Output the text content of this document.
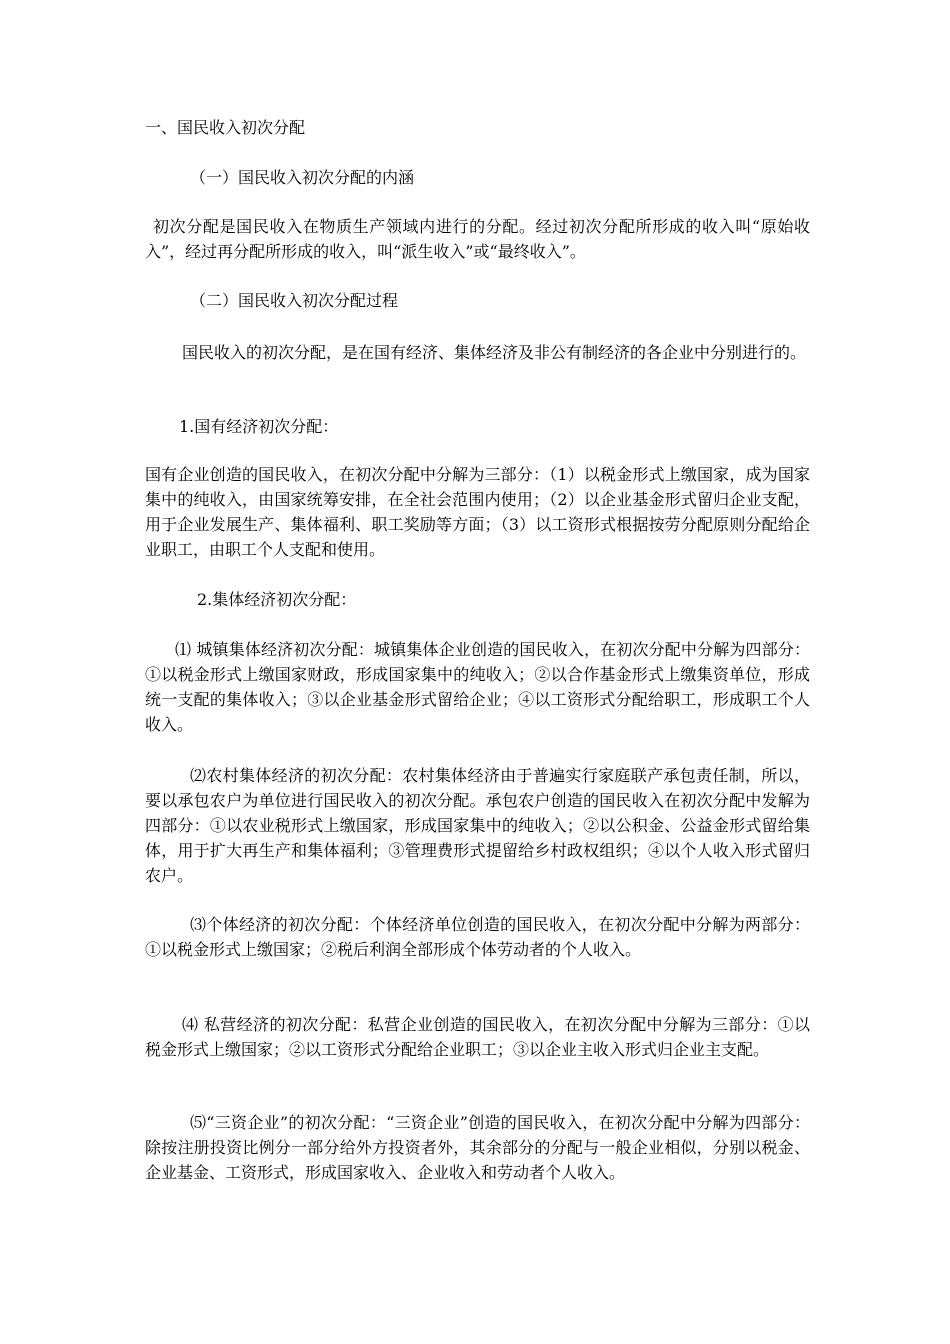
一、国民收入初次分配

（一）国民收入初次分配的内涵

初次分配是国民收入在物质生产领域内进行的分配。经过初次分配所形成的收入叫“原始收入”，经过再分配所形成的收入，叫“派生收入”或“最终收入”。

（二）国民收入初次分配过程

国民收入的初次分配，是在国有经济、集体经济及非公有制经济的各企业中分别进行的。

1.国有经济初次分配：

国有企业创造的国民收入，在初次分配中分解为三部分：（1）以税金形式上缴国家，成为国家集中的纯收入，由国家统筹安排，在全社会范围内使用；（2）以企业基金形式留归企业支配，用于企业发展生产、集体福利、职工奖励等方面；（3）以工资形式根据按劳分配原则分配给企业职工，由职工个人支配和使用。

2.集体经济初次分配：

⑴ 城镇集体经济初次分配：城镇集体企业创造的国民收入，在初次分配中分解为四部分：①以税金形式上缴国家财政，形成国家集中的纯收入；②以合作基金形式上缴集资单位，形成统一支配的集体收入；③以企业基金形式留给企业；④以工资形式分配给职工，形成职工个人收入。

⑵农村集体经济的初次分配：农村集体经济由于普遍实行家庭联产承包责任制，所以，要以承包农户为单位进行国民收入的初次分配。承包农户创造的国民收入在初次分配中发解为四部分：①以农业税形式上缴国家，形成国家集中的纯收入；②以公积金、公益金形式留给集体，用于扩大再生产和集体福利；③管理费形式提留给乡村政权组织；④以个人收入形式留归农户。

⑶个体经济的初次分配：个体经济单位创造的国民收入，在初次分配中分解为两部分：①以税金形式上缴国家；②税后利润全部形成个体劳动者的个人收入。

⑷ 私营经济的初次分配：私营企业创造的国民收入，在初次分配中分解为三部分：①以税金形式上缴国家；②以工资形式分配给企业职工；③以企业主收入形式归企业主支配。

⑸“三资企业”的初次分配：“三资企业”创造的国民收入，在初次分配中分解为四部分：除按注册投资比例分一部分给外方投资者外，其余部分的分配与一般企业相似，分别以税金、企业基金、工资形式，形成国家收入、企业收入和劳动者个人收入。
